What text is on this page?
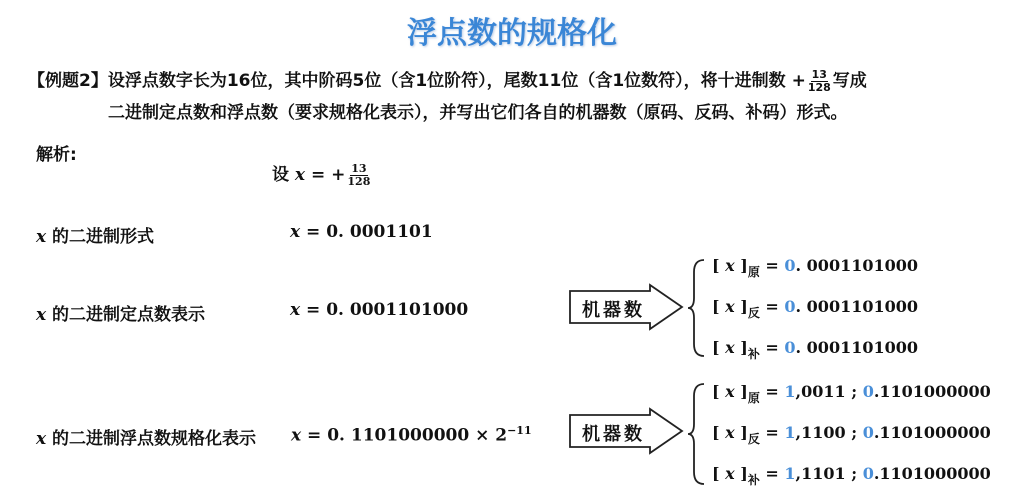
浮点数的规格化
【例题2】设浮点数字长为16位，其中阶码5位（含1位阶符），尾数11位（含1位数符），将十进制数 + $\frac{13}{128}$ 写成
二进制定点数和浮点数（要求规格化表示），并写出它们各自的机器数（原码、反码、补码）形式。
解析:
设 x = + $\frac{13}{128}$
x 的二进制形式	x = 0. 0001101
x 的二进制定点数表示	x = 0. 0001101000
x 的二进制浮点数规格化表示 x = 0. $1101000000 \times 2^{-11}$
机器数
[ x ]$_原 = 0$. 0001101000
[ x ]$_反 = 0$. 0001101000
[ x ]$_补 = 0$. 0001101000
机器数
[ x ]$_原 = 1,0011$ ; 0.1101000000
[ x ]$_反 = 1,1100$ ; 0.1101000000
[ x ]$_补 = 1,1101$ ; 0.1101000000
